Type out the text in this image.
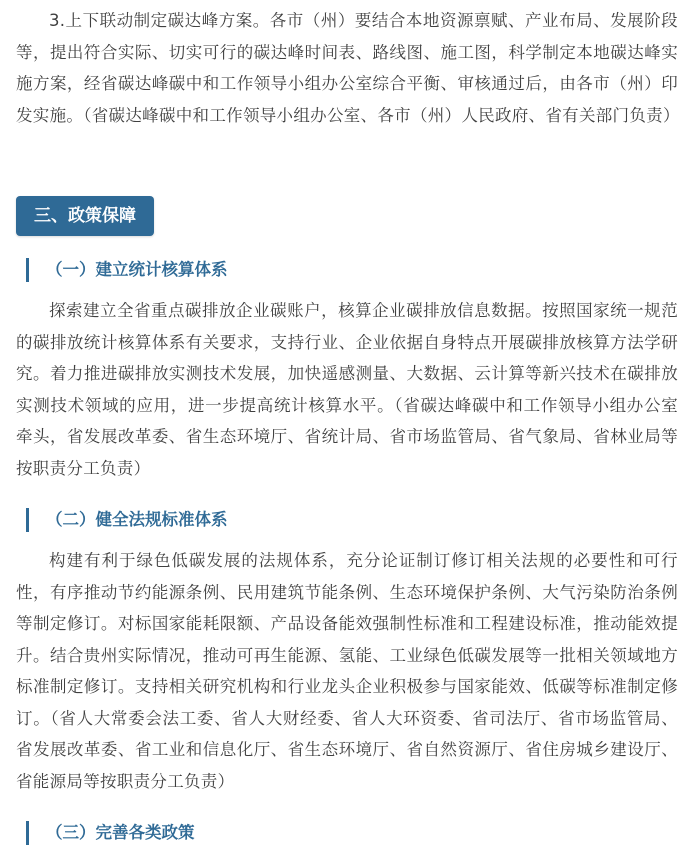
3.上下联动制定碳达峰方案。各市（州）要结合本地资源禀赋、产业布局、发展阶段等，提出符合实际、切实可行的碳达峰时间表、路线图、施工图，科学制定本地碳达峰实施方案，经省碳达峰碳中和工作领导小组办公室综合平衡、审核通过后，由各市（州）印发实施。（省碳达峰碳中和工作领导小组办公室、各市（州）人民政府、省有关部门负责）

三、政策保障
（一）建立统计核算体系

探索建立全省重点碳排放企业碳账户，核算企业碳排放信息数据。按照国家统一规范的碳排放统计核算体系有关要求，支持行业、企业依据自身特点开展碳排放核算方法学研究。着力推进碳排放实测技术发展，加快遥感测量、大数据、云计算等新兴技术在碳排放实测技术领域的应用，进一步提高统计核算水平。（省碳达峰碳中和工作领导小组办公室牵头，省发展改革委、省生态环境厅、省统计局、省市场监管局、省气象局、省林业局等按职责分工负责）

（二）健全法规标准体系

构建有利于绿色低碳发展的法规体系，充分论证制订修订相关法规的必要性和可行性，有序推动节约能源条例、民用建筑节能条例、生态环境保护条例、大气污染防治条例等制定修订。对标国家能耗限额、产品设备能效强制性标准和工程建设标准，推动能效提升。结合贵州实际情况，推动可再生能源、氢能、工业绿色低碳发展等一批相关领域地方标准制定修订。支持相关研究机构和行业龙头企业积极参与国家能效、低碳等标准制定修订。（省人大常委会法工委、省人大财经委、省人大环资委、省司法厅、省市场监管局、省发展改革委、省工业和信息化厅、省生态环境厅、省自然资源厅、省住房城乡建设厅、省能源局等按职责分工负责）

（三）完善各类政策
